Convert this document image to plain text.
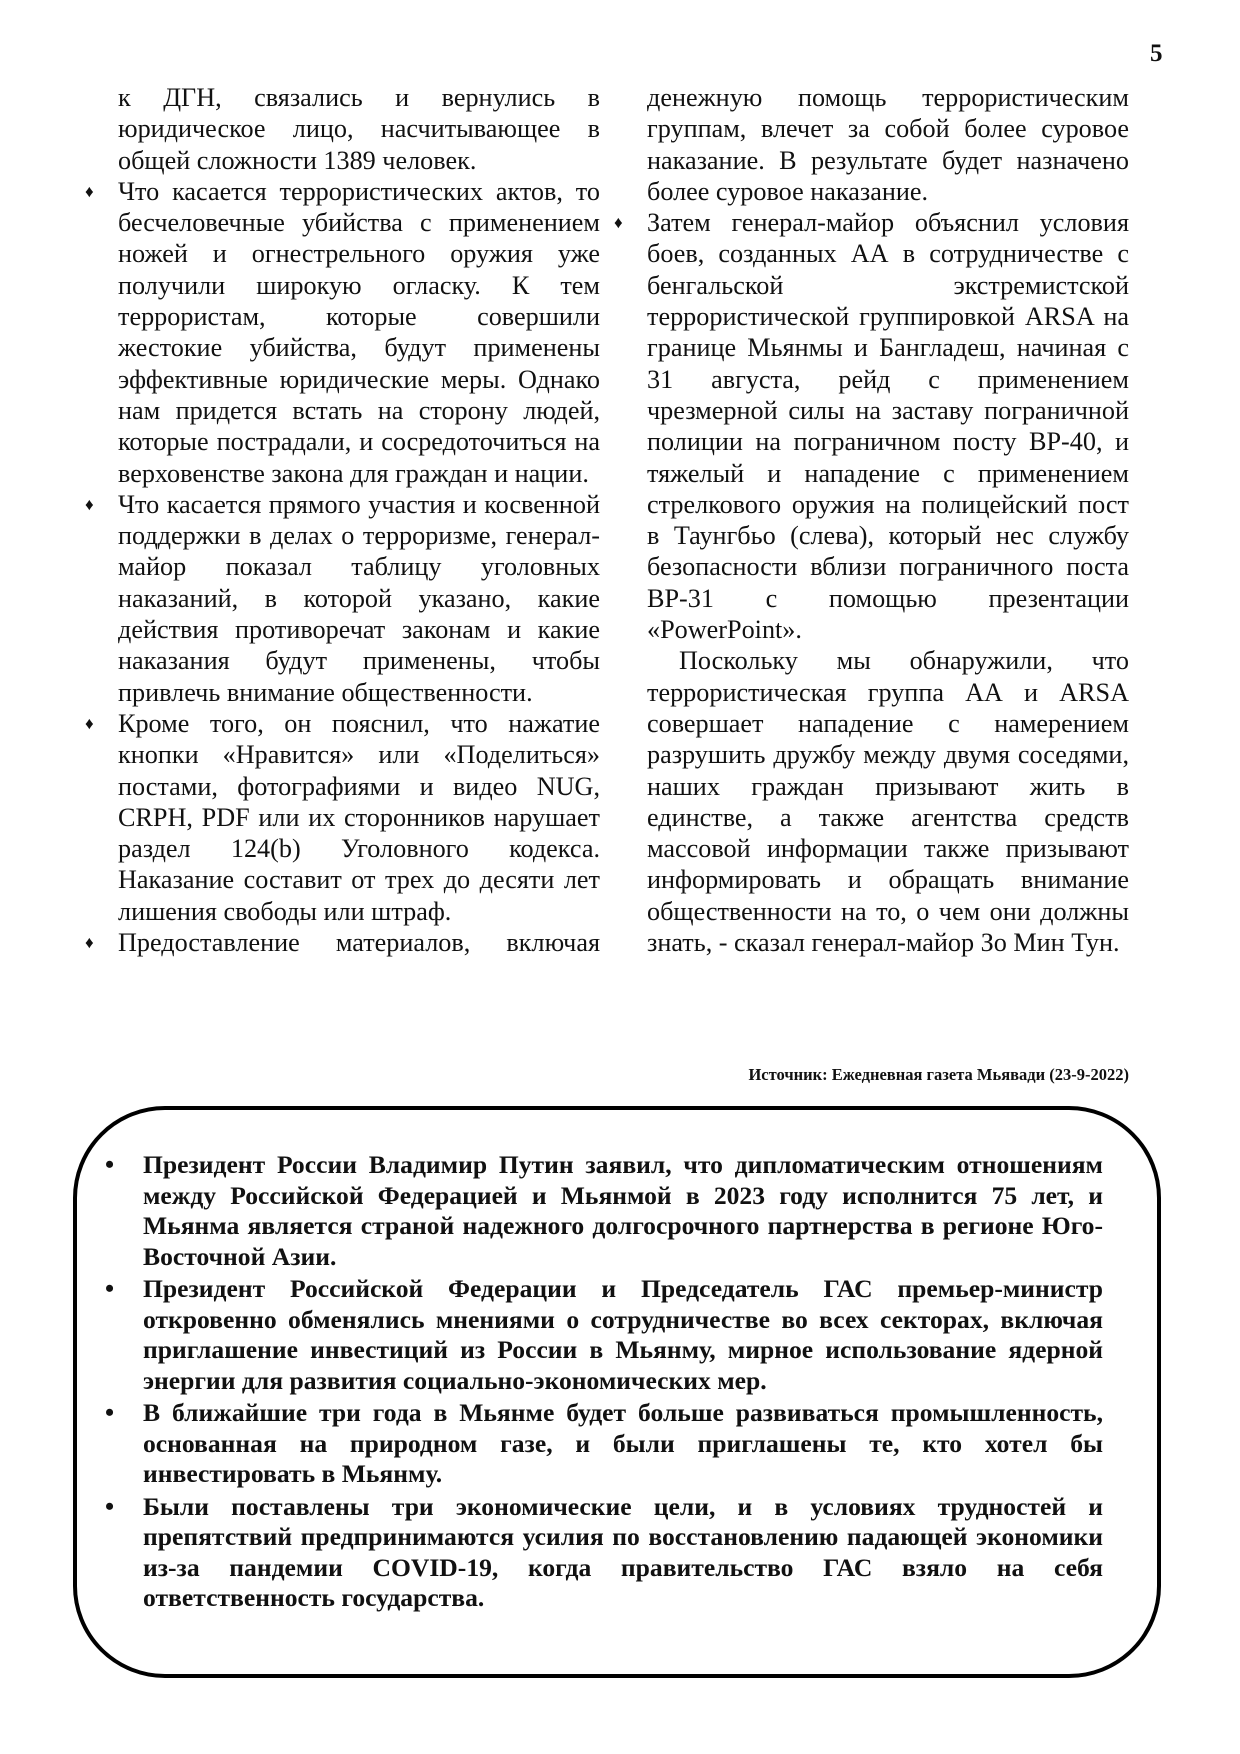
5

к ДГН, связались и вернулись в юридическое лицо, насчитывающее в общей сложности 1389 человек.

♦ Что касается террористических актов, то бесчеловечные убийства с применением ножей и огнестрельного оружия уже получили широкую огласку. К тем террористам, которые совершили жестокие убийства, будут применены эффективные юридические меры. Однако нам придется встать на сторону людей, которые пострадали, и сосредоточиться на верховенстве закона для граждан и нации.

♦ Что касается прямого участия и косвенной поддержки в делах о терроризме, генерал-майор показал таблицу уголовных наказаний, в которой указано, какие действия противоречат законам и какие наказания будут применены, чтобы привлечь внимание общественности.

♦ Кроме того, он пояснил, что нажатие кнопки «Нравится» или «Поделиться» постами, фотографиями и видео NUG, CRPH, PDF или их сторонников нарушает раздел 124(b) Уголовного кодекса. Наказание составит от трех до десяти лет лишения свободы или штраф.

♦ Предоставление материалов, включая

денежную помощь террористическим группам, влечет за собой более суровое наказание. В результате будет назначено более суровое наказание.

♦ Затем генерал-майор объяснил условия боев, созданных АА в сотрудничестве с бенгальской экстремистской террористической группировкой ARSA на границе Мьянмы и Бангладеш, начиная с 31 августа, рейд с применением чрезмерной силы на заставу пограничной полиции на пограничном посту BP-40, и тяжелый и нападение с применением стрелкового оружия на полицейский пост в Таунгбьо (слева), который нес службу безопасности вблизи пограничного поста BP-31 с помощью презентации «PowerPoint».

Поскольку мы обнаружили, что террористическая группа АА и ARSA совершает нападение с намерением разрушить дружбу между двумя соседями, наших граждан призывают жить в единстве, а также агентства средств массовой информации также призывают информировать и обращать внимание общественности на то, о чем они должны знать, - сказал генерал-майор Зо Мин Тун.

Источник: Ежедневная газета Мьявади (23-9-2022)
• Президент России Владимир Путин заявил, что дипломатическим отношениям между Российской Федерацией и Мьянмой в 2023 году исполнится 75 лет, и Мьянма является страной надежного долгосрочного партнерства в регионе Юго-Восточной Азии.
• Президент Российской Федерации и Председатель ГАС премьер-министр откровенно обменялись мнениями о сотрудничестве во всех секторах, включая приглашение инвестиций из России в Мьянму, мирное использование ядерной энергии для развития социально-экономических мер.
• В ближайшие три года в Мьянме будет больше развиваться промышленность, основанная на природном газе, и были приглашены те, кто хотел бы инвестировать в Мьянму.
• Были поставлены три экономические цели, и в условиях трудностей и препятствий предпринимаются усилия по восстановлению падающей экономики из-за пандемии COVID-19, когда правительство ГАС взяло на себя ответственность государства.
